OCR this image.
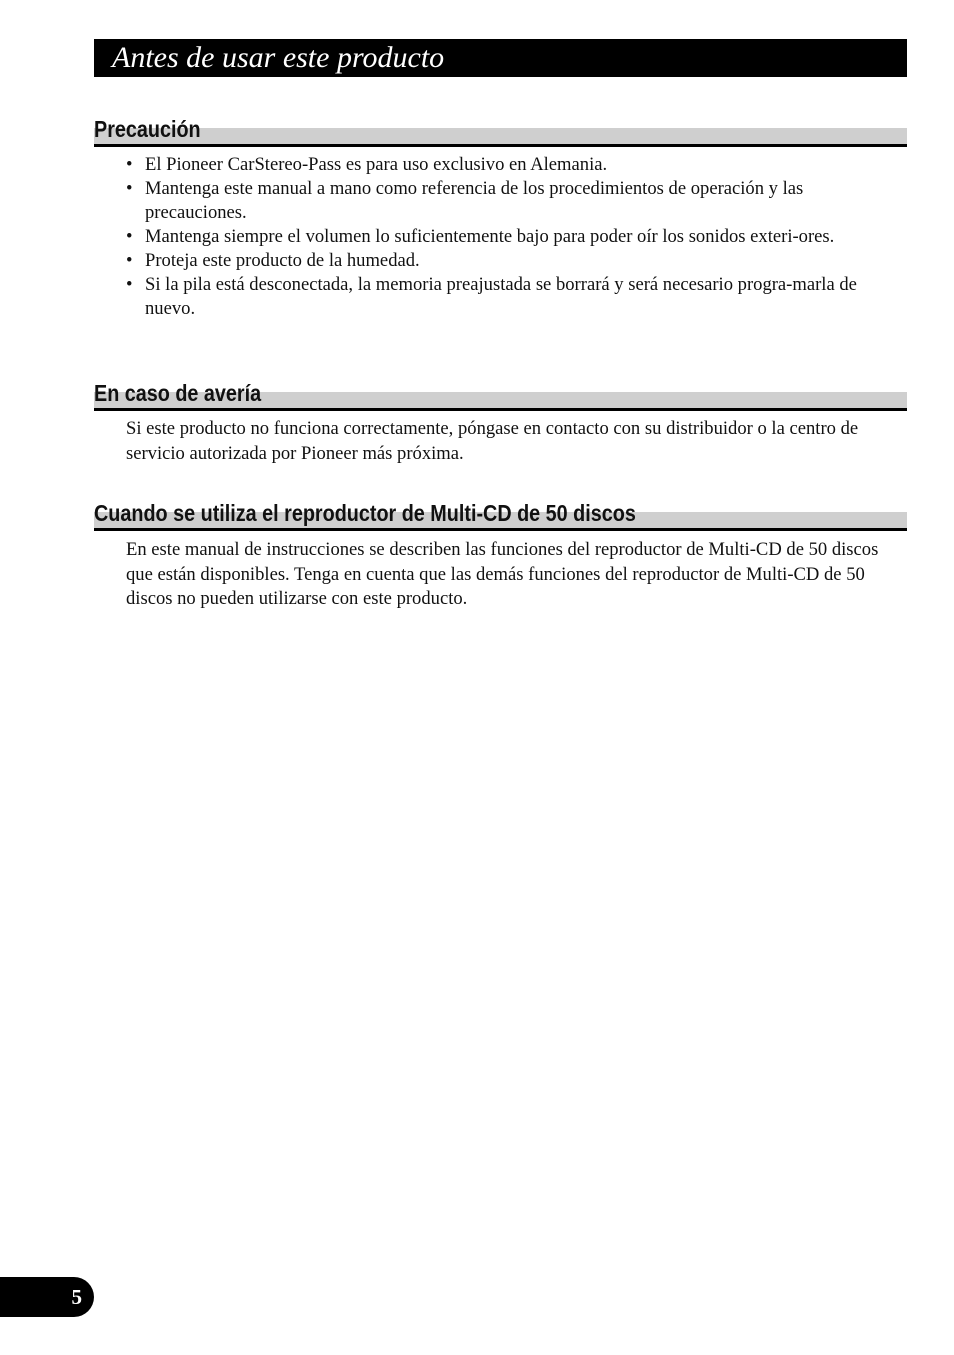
Antes de usar este producto
Precaución
• El Pioneer CarStereo-Pass es para uso exclusivo en Alemania.
• Mantenga este manual a mano como referencia de los procedimientos de operación y las precauciones.
• Mantenga siempre el volumen lo suficientemente bajo para poder oír los sonidos exteri-ores.
• Proteja este producto de la humedad.
• Si la pila está desconectada, la memoria preajustada se borrará y será necesario progra-marla de nuevo.
En caso de avería

Si este producto no funciona correctamente, póngase en contacto con su distribuidor o la centro de servicio autorizada por Pioneer más próxima.

Cuando se utiliza el reproductor de Multi-CD de 50 discos

En este manual de instrucciones se describen las funciones del reproductor de Multi-CD de 50 discos que están disponibles. Tenga en cuenta que las demás funciones del reproductor de Multi-CD de 50 discos no pueden utilizarse con este producto.

5
